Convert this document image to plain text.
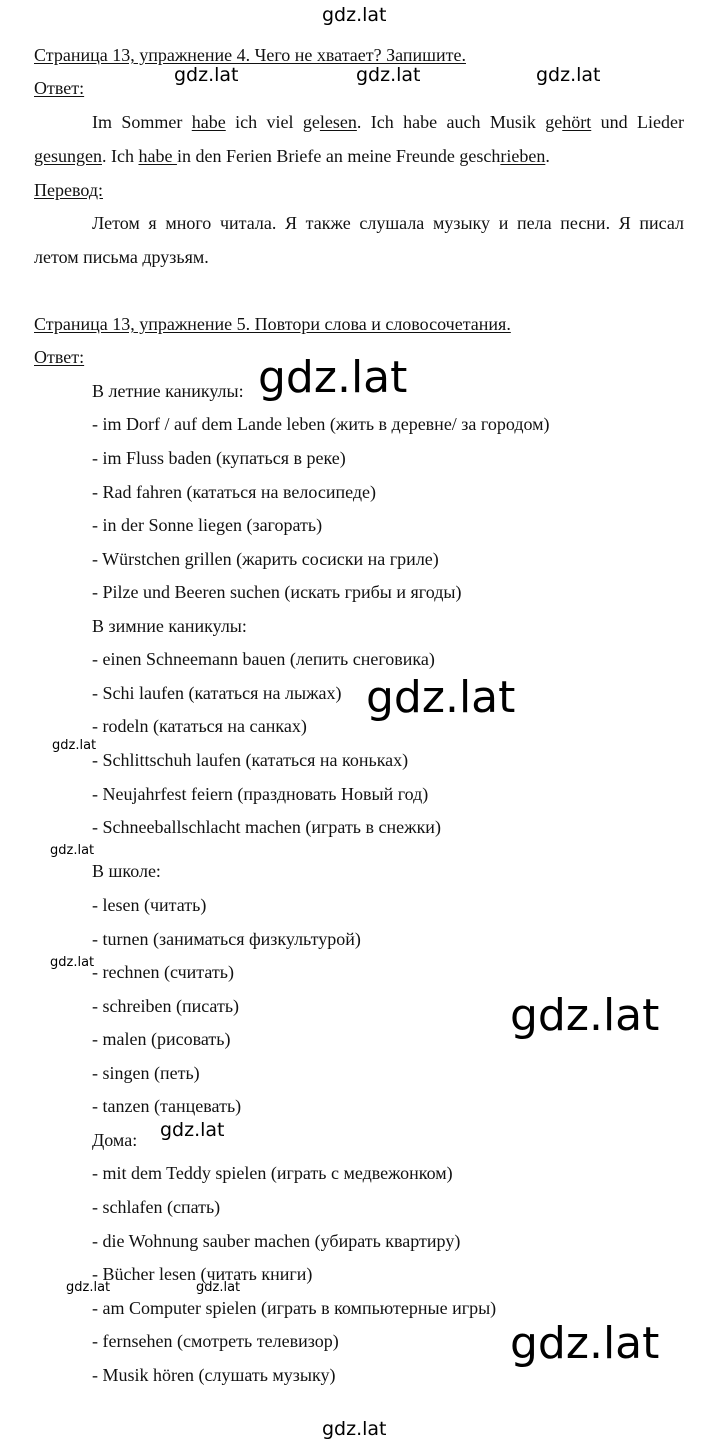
gdz.lat
gdz.lat	gdz.lat	gdz.lat
Страница 13, упражнение 4. Чего не хватает? Запишите.
Ответ:
Im Sommer habe ich viel gelesen. Ich habe auch Musik gehört und Lieder
gesungen. Ich habe in den Ferien Briefe an meine Freunde geschrieben.
Перевод:
Летом я много читала. Я также слушала музыку и пела песни. Я писал
летом письма друзьям.
Страница 13, упражнение 5. Повтори слова и словосочетания.
Ответ:
В летние каникулы:
- im Dorf / auf dem Lande leben (жить в деревне/ за городом)
- im Fluss baden (купаться в реке)
- Rad fahren (кататься на велосипеде)
- in der Sonne liegen (загорать)
- Würstchen grillen (жарить сосиски на гриле)
- Pilze und Beeren suchen (искать грибы и ягоды)
В зимние каникулы:
- einen Schneemann bauen (лепить снеговика)
- Schi laufen (кататься на лыжах)
- rodeln (кататься на санках)
- Schlittschuh laufen (кататься на коньках)
- Neujahrfest feiern (праздновать Новый год)
- Schneeballschlacht machen (играть в снежки)
В школе:
- lesen (читать)
- turnen (заниматься физкультурой)
- rechnen (считать)
- schreiben (писать)
- malen (рисовать)
- singen (петь)
- tanzen (танцевать)
Дома:
- mit dem Teddy spielen (играть с медвежонком)
- schlafen (спать)
- die Wohnung sauber machen (убирать квартиру)
- Bücher lesen (читать книги)
- am Computer spielen (играть в компьютерные игры)
- fernsehen (смотреть телевизор)
- Musik hören (слушать музыку)
gdz.lat
gdz.lat
gdz.lat
gdz.lat
gdz.lat
gdz.lat
gdz.lat
gdz.lat	gdz.lat
gdz.lat
gdz.lat
